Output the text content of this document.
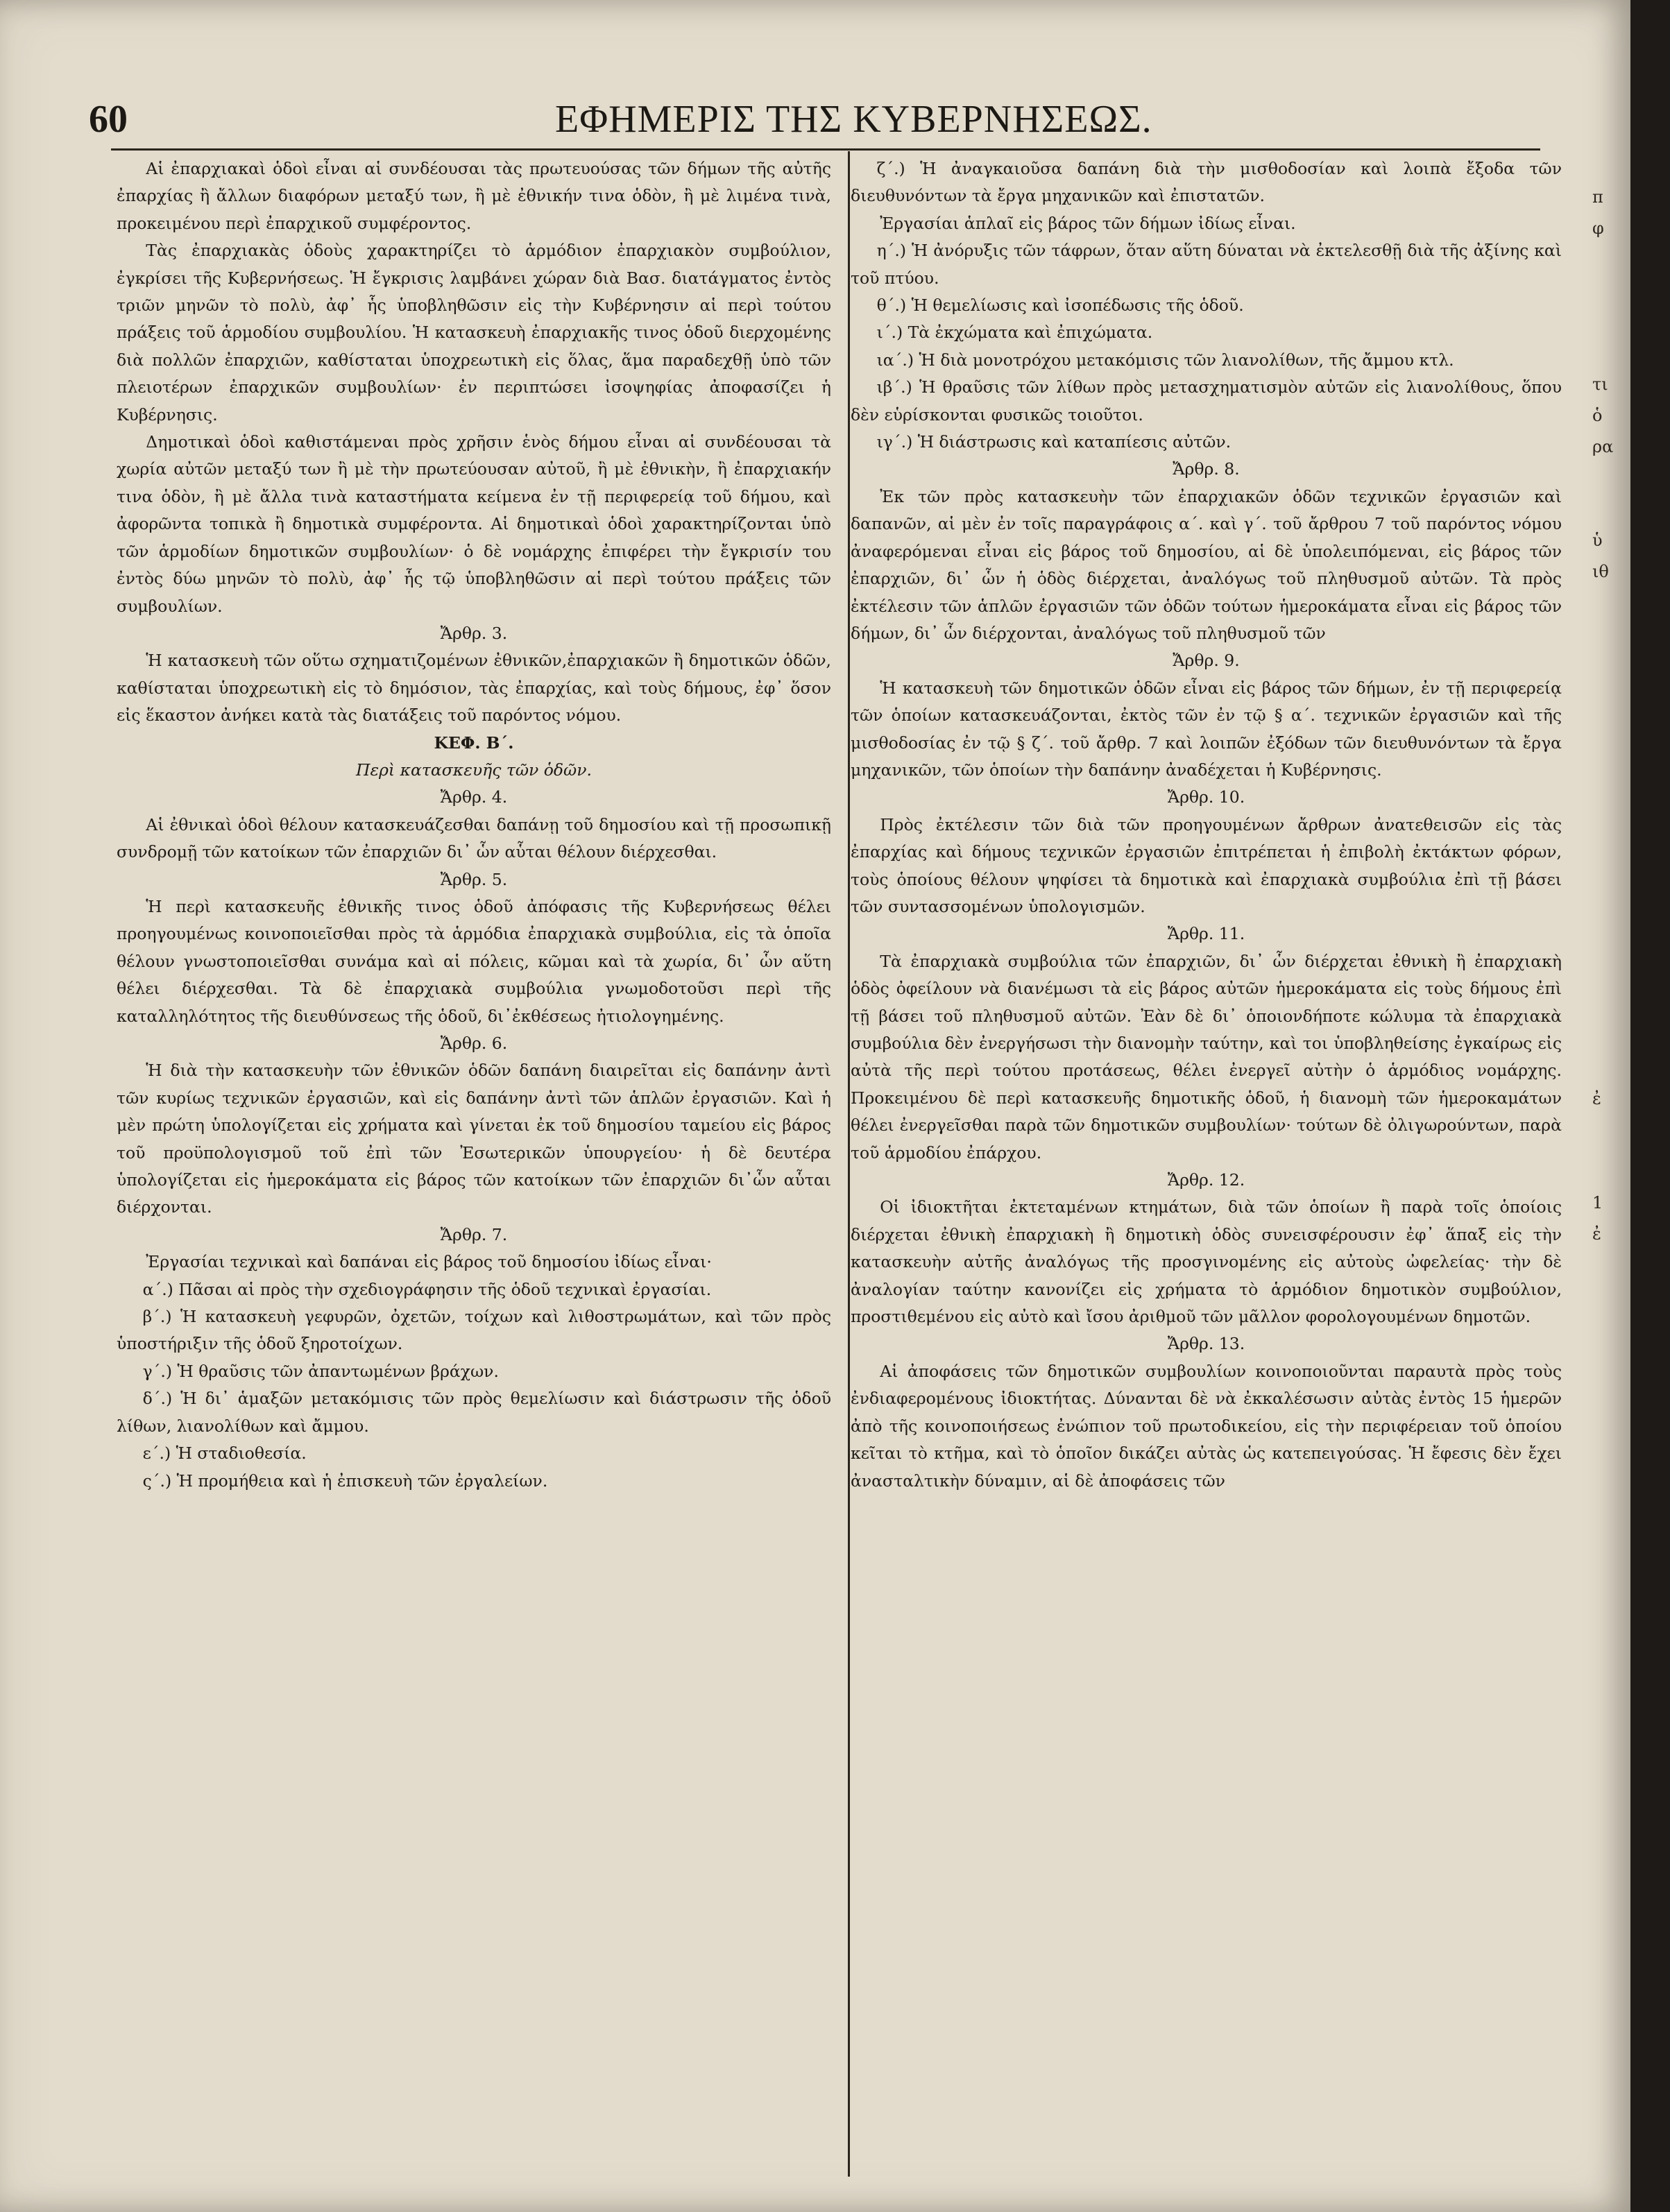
60	ΕΦΗΜΕΡΙΣ ΤΗΣ ΚΥΒΕΡΝΗΣΕΩΣ.

Αἱ ἐπαρχιακαὶ ὁδοὶ εἶναι αἱ συνδέουσαι τὰς πρωτευούσας τῶν δήμων τῆς αὐτῆς ἐπαρχίας ἢ ἄλλων διαφόρων μεταξύ των, ἢ μὲ ἐθνικήν τινα ὁδὸν, ἢ μὲ λιμένα τινὰ, προκειμένου περὶ ἐπαρχικοῦ συμφέροντος.

Τὰς ἐπαρχιακὰς ὁδοὺς χαρακτηρίζει τὸ ἁρμόδιον ἐπαρχιακὸν συμβούλιον, ἐγκρίσει τῆς Κυβερνήσεως. Ἡ ἔγκρισις λαμβάνει χώραν διὰ Βασ. διατάγματος ἐντὸς τριῶν μηνῶν τὸ πολὺ, ἀφ᾽ ἧς ὑποβληθῶσιν εἰς τὴν Κυβέρνησιν αἱ περὶ τούτου πράξεις τοῦ ἁρμοδίου συμβουλίου. Ἡ κατασκευὴ ἐπαρχιακῆς τινος ὁδοῦ διερχομένης διὰ πολλῶν ἐπαρχιῶν, καθίσταται ὑποχρεωτικὴ εἰς ὅλας, ἅμα παραδεχθῇ ὑπὸ τῶν πλειοτέρων ἐπαρχικῶν συμβουλίων· ἐν περιπτώσει ἰσοψηφίας ἀποφασίζει ἡ Κυβέρνησις.

Δημοτικαὶ ὁδοὶ καθιστάμεναι πρὸς χρῆσιν ἑνὸς δήμου εἶναι αἱ συνδέουσαι τὰ χωρία αὐτῶν μεταξύ των ἢ μὲ τὴν πρωτεύουσαν αὐτοῦ, ἢ μὲ ἐθνικὴν, ἢ ἐπαρχιακήν τινα ὁδὸν, ἢ μὲ ἄλλα τινὰ καταστήματα κείμενα ἐν τῇ περιφερείᾳ τοῦ δήμου, καὶ ἀφορῶντα τοπικὰ ἢ δημοτικὰ συμφέροντα. Αἱ δημοτικαὶ ὁδοὶ χαρακτηρίζονται ὑπὸ τῶν ἁρμοδίων δημοτικῶν συμβουλίων· ὁ δὲ νομάρχης ἐπιφέρει τὴν ἔγκρισίν του ἐντὸς δύω μηνῶν τὸ πολὺ, ἀφ᾽ ἧς τῷ ὑποβληθῶσιν αἱ περὶ τούτου πράξεις τῶν συμβουλίων.

Ἄρθρ. 3.

Ἡ κατασκευὴ τῶν οὕτω σχηματιζομένων ἐθνικῶν,ἐπαρχιακῶν ἢ δημοτικῶν ὁδῶν, καθίσταται ὑποχρεωτικὴ εἰς τὸ δημόσιον, τὰς ἐπαρχίας, καὶ τοὺς δήμους, ἐφ᾽ ὅσον εἰς ἕκαστον ἀνήκει κατὰ τὰς διατάξεις τοῦ παρόντος νόμου.

ΚΕΦ. Β΄.

Περὶ κατασκευῆς τῶν ὁδῶν.

Ἄρθρ. 4.

Αἱ ἐθνικαὶ ὁδοὶ θέλουν κατασκευάζεσθαι δαπάνῃ τοῦ δημοσίου καὶ τῇ προσωπικῇ συνδρομῇ τῶν κατοίκων τῶν ἐπαρχιῶν δι᾽ ὧν αὗται θέλουν διέρχεσθαι.

Ἄρθρ. 5.

Ἡ περὶ κατασκευῆς ἐθνικῆς τινος ὁδοῦ ἀπόφασις τῆς Κυβερνήσεως θέλει προηγουμένως κοινοποιεῖσθαι πρὸς τὰ ἁρμόδια ἐπαρχιακὰ συμβούλια, εἰς τὰ ὁποῖα θέλουν γνωστοποιεῖσθαι συνάμα καὶ αἱ πόλεις, κῶμαι καὶ τὰ χωρία, δι᾽ ὧν αὕτη θέλει διέρχεσθαι. Τὰ δὲ ἐπαρχιακὰ συμβούλια γνωμοδοτοῦσι περὶ τῆς καταλληλότητος τῆς διευθύνσεως τῆς ὁδοῦ, δι᾽ἐκθέσεως ἠτιολογημένης.

Ἄρθρ. 6.

Ἡ διὰ τὴν κατασκευὴν τῶν ἐθνικῶν ὁδῶν δαπάνη διαιρεῖται εἰς δαπάνην ἀντὶ τῶν κυρίως τεχνικῶν ἐργασιῶν, καὶ εἰς δαπάνην ἀντὶ τῶν ἁπλῶν ἐργασιῶν. Καὶ ἡ μὲν πρώτη ὑπολογίζεται εἰς χρήματα καὶ γίνεται ἐκ τοῦ δημοσίου ταμείου εἰς βάρος τοῦ προϋπολογισμοῦ τοῦ ἐπὶ τῶν Ἐσωτερικῶν ὑπουργείου· ἡ δὲ δευτέρα ὑπολογίζεται εἰς ἡμεροκάματα εἰς βάρος τῶν κατοίκων τῶν ἐπαρχιῶν δι᾽ὧν αὗται διέρχονται.

Ἄρθρ. 7.

Ἐργασίαι τεχνικαὶ καὶ δαπάναι εἰς βάρος τοῦ δημοσίου ἰδίως εἶναι·

α΄.) Πᾶσαι αἱ πρὸς τὴν σχεδιογράφησιν τῆς ὁδοῦ τεχνικαὶ ἐργασίαι.

β΄.) Ἡ κατασκευὴ γεφυρῶν, ὀχετῶν, τοίχων καὶ λιθοστρωμάτων, καὶ τῶν πρὸς ὑποστήριξιν τῆς ὁδοῦ ξηροτοίχων.

γ΄.) Ἡ θραῦσις τῶν ἀπαντωμένων βράχων.

δ΄.) Ἡ δι᾽ ἁμαξῶν μετακόμισις τῶν πρὸς θεμελίωσιν καὶ διάστρωσιν τῆς ὁδοῦ λίθων, λιανολίθων καὶ ἄμμου.

ε΄.) Ἡ σταδιοθεσία.

ς΄.) Ἡ προμήθεια καὶ ἡ ἐπισκευὴ τῶν ἐργαλείων.

ζ΄.) Ἡ ἀναγκαιοῦσα δαπάνη διὰ τὴν μισθοδοσίαν καὶ λοιπὰ ἔξοδα τῶν διευθυνόντων τὰ ἔργα μηχανικῶν καὶ ἐπιστατῶν.

Ἐργασίαι ἁπλαῖ εἰς βάρος τῶν δήμων ἰδίως εἶναι.

η΄.) Ἡ ἀνόρυξις τῶν τάφρων, ὅταν αὕτη δύναται νὰ ἐκτελεσθῇ διὰ τῆς ἀξίνης καὶ τοῦ πτύου.

θ΄.) Ἡ θεμελίωσις καὶ ἰσοπέδωσις τῆς ὁδοῦ.

ι΄.) Τὰ ἐκχώματα καὶ ἐπιχώματα.

ια΄.) Ἡ διὰ μονοτρόχου μετακόμισις τῶν λιανολίθων, τῆς ἄμμου κτλ.

ιβ΄.) Ἡ θραῦσις τῶν λίθων πρὸς μετασχηματισμὸν αὐτῶν εἰς λιανολίθους, ὅπου δὲν εὑρίσκονται φυσικῶς τοιοῦτοι.

ιγ΄.) Ἡ διάστρωσις καὶ καταπίεσις αὐτῶν.

Ἄρθρ. 8.

Ἐκ τῶν πρὸς κατασκευὴν τῶν ἐπαρχιακῶν ὁδῶν τεχνικῶν ἐργασιῶν καὶ δαπανῶν, αἱ μὲν ἐν τοῖς παραγράφοις α΄. καὶ γ΄. τοῦ ἄρθρου 7 τοῦ παρόντος νόμου ἀναφερόμεναι εἶναι εἰς βάρος τοῦ δημοσίου, αἱ δὲ ὑπολειπόμεναι, εἰς βάρος τῶν ἐπαρχιῶν, δι᾽ ὧν ἡ ὁδὸς διέρχεται, ἀναλόγως τοῦ πληθυσμοῦ αὐτῶν. Τὰ πρὸς ἐκτέλεσιν τῶν ἁπλῶν ἐργασιῶν τῶν ὁδῶν τούτων ἡμεροκάματα εἶναι εἰς βάρος τῶν δήμων, δι᾽ ὧν διέρχονται, ἀναλόγως τοῦ πληθυσμοῦ τῶν

Ἄρθρ. 9.

Ἡ κατασκευὴ τῶν δημοτικῶν ὁδῶν εἶναι εἰς βάρος τῶν δήμων, ἐν τῇ περιφερείᾳ τῶν ὁποίων κατασκευάζονται, ἐκτὸς τῶν ἐν τῷ § α΄. τεχνικῶν ἐργασιῶν καὶ τῆς μισθοδοσίας ἐν τῷ § ζ΄. τοῦ ἄρθρ. 7 καὶ λοιπῶν ἐξόδων τῶν διευθυνόντων τὰ ἔργα μηχανικῶν, τῶν ὁποίων τὴν δαπάνην ἀναδέχεται ἡ Κυβέρνησις.

Ἄρθρ. 10.

Πρὸς ἐκτέλεσιν τῶν διὰ τῶν προηγουμένων ἄρθρων ἀνατεθεισῶν εἰς τὰς ἐπαρχίας καὶ δήμους τεχνικῶν ἐργασιῶν ἐπιτρέπεται ἡ ἐπιβολὴ ἐκτάκτων φόρων, τοὺς ὁποίους θέλουν ψηφίσει τὰ δημοτικὰ καὶ ἐπαρχιακὰ συμβούλια ἐπὶ τῇ βάσει τῶν συντασσομένων ὑπολογισμῶν.

Ἄρθρ. 11.

Τὰ ἐπαρχιακὰ συμβούλια τῶν ἐπαρχιῶν, δι᾽ ὧν διέρχεται ἐθνικὴ ἢ ἐπαρχιακὴ ὁδὸς ὀφείλουν νὰ διανέμωσι τὰ εἰς βάρος αὐτῶν ἡμεροκάματα εἰς τοὺς δήμους ἐπὶ τῇ βάσει τοῦ πληθυσμοῦ αὐτῶν. Ἐὰν δὲ δι᾽ ὁποιονδήποτε κώλυμα τὰ ἐπαρχιακὰ συμβούλια δὲν ἐνεργήσωσι τὴν διανομὴν ταύτην, καὶ τοι ὑποβληθείσης ἐγκαίρως εἰς αὐτὰ τῆς περὶ τούτου προτάσεως, θέλει ἐνεργεῖ αὐτὴν ὁ ἁρμόδιος νομάρχης. Προκειμένου δὲ περὶ κατασκευῆς δημοτικῆς ὁδοῦ, ἡ διανομὴ τῶν ἡμεροκαμάτων θέλει ἐνεργεῖσθαι παρὰ τῶν δημοτικῶν συμβουλίων· τούτων δὲ ὀλιγωρούντων, παρὰ τοῦ ἁρμοδίου ἐπάρχου.

Ἄρθρ. 12.

Οἱ ἰδιοκτῆται ἐκτεταμένων κτημάτων, διὰ τῶν ὁποίων ἢ παρὰ τοῖς ὁποίοις διέρχεται ἐθνικὴ ἐπαρχιακὴ ἢ δημοτικὴ ὁδὸς συνεισφέρουσιν ἐφ᾽ ἅπαξ εἰς τὴν κατασκευὴν αὐτῆς ἀναλόγως τῆς προσγινομένης εἰς αὐτοὺς ὠφελείας· τὴν δὲ ἀναλογίαν ταύτην κανονίζει εἰς χρήματα τὸ ἁρμόδιον δημοτικὸν συμβούλιον, προστιθεμένου εἰς αὐτὸ καὶ ἴσου ἀριθμοῦ τῶν μᾶλλον φορολογουμένων δημοτῶν.

Ἄρθρ. 13.

Αἱ ἀποφάσεις τῶν δημοτικῶν συμβουλίων κοινοποιοῦνται παραυτὰ πρὸς τοὺς ἐνδιαφερομένους ἰδιοκτήτας. Δύνανται δὲ νὰ ἐκκαλέσωσιν αὐτὰς ἐντὸς 15 ἡμερῶν ἀπὸ τῆς κοινοποιήσεως ἐνώπιον τοῦ πρωτοδικείου, εἰς τὴν περιφέρειαν τοῦ ὁποίου κεῖται τὸ κτῆμα, καὶ τὸ ὁποῖον δικάζει αὐτὰς ὡς κατεπειγούσας. Ἡ ἔφεσις δὲν ἔχει ἀνασταλτικὴν δύναμιν, αἱ δὲ ἀποφάσεις τῶν

π
φ
τι
ὁ
ρα
ὑ
ιθ
ἐ
1
ἐ
